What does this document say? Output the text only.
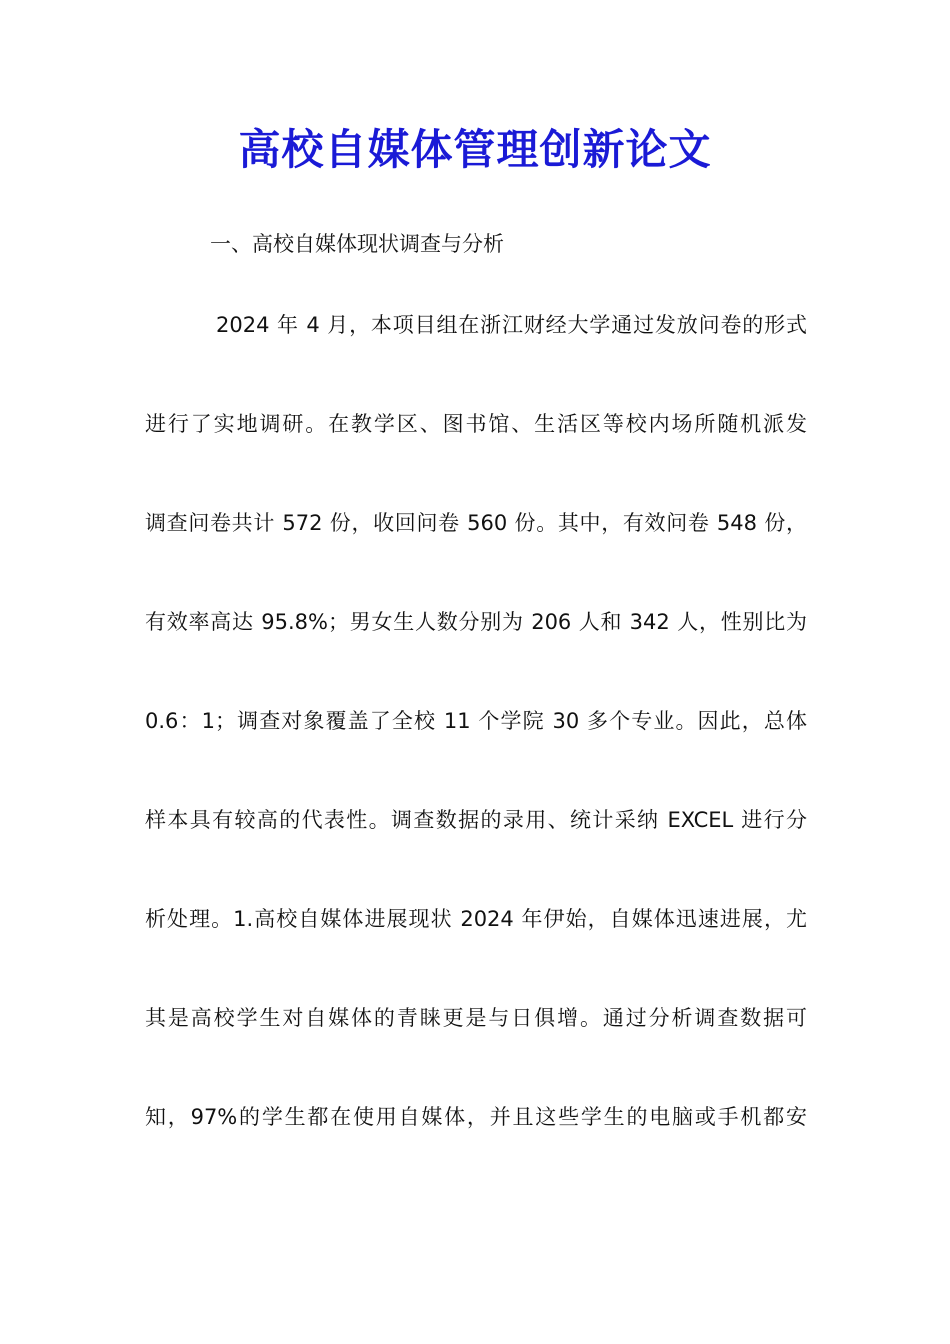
高校自媒体管理创新论文
一、高校自媒体现状调查与分析
2024 年 4 月，本项目组在浙江财经大学通过发放问卷的形式
进行了实地调研。在教学区、图书馆、生活区等校内场所随机派发
调查问卷共计 572 份，收回问卷 560 份。其中，有效问卷 548 份，
有效率高达 95.8%；男女生人数分别为 206 人和 342 人，性别比为
0.6：1；调查对象覆盖了全校 11 个学院 30 多个专业。因此，总体
样本具有较高的代表性。调查数据的录用、统计采纳 EXCEL 进行分
析处理。1.高校自媒体进展现状 2024 年伊始，自媒体迅速进展，尤
其是高校学生对自媒体的青睐更是与日俱增。通过分析调查数据可
知，97%的学生都在使用自媒体，并且这些学生的电脑或手机都安
